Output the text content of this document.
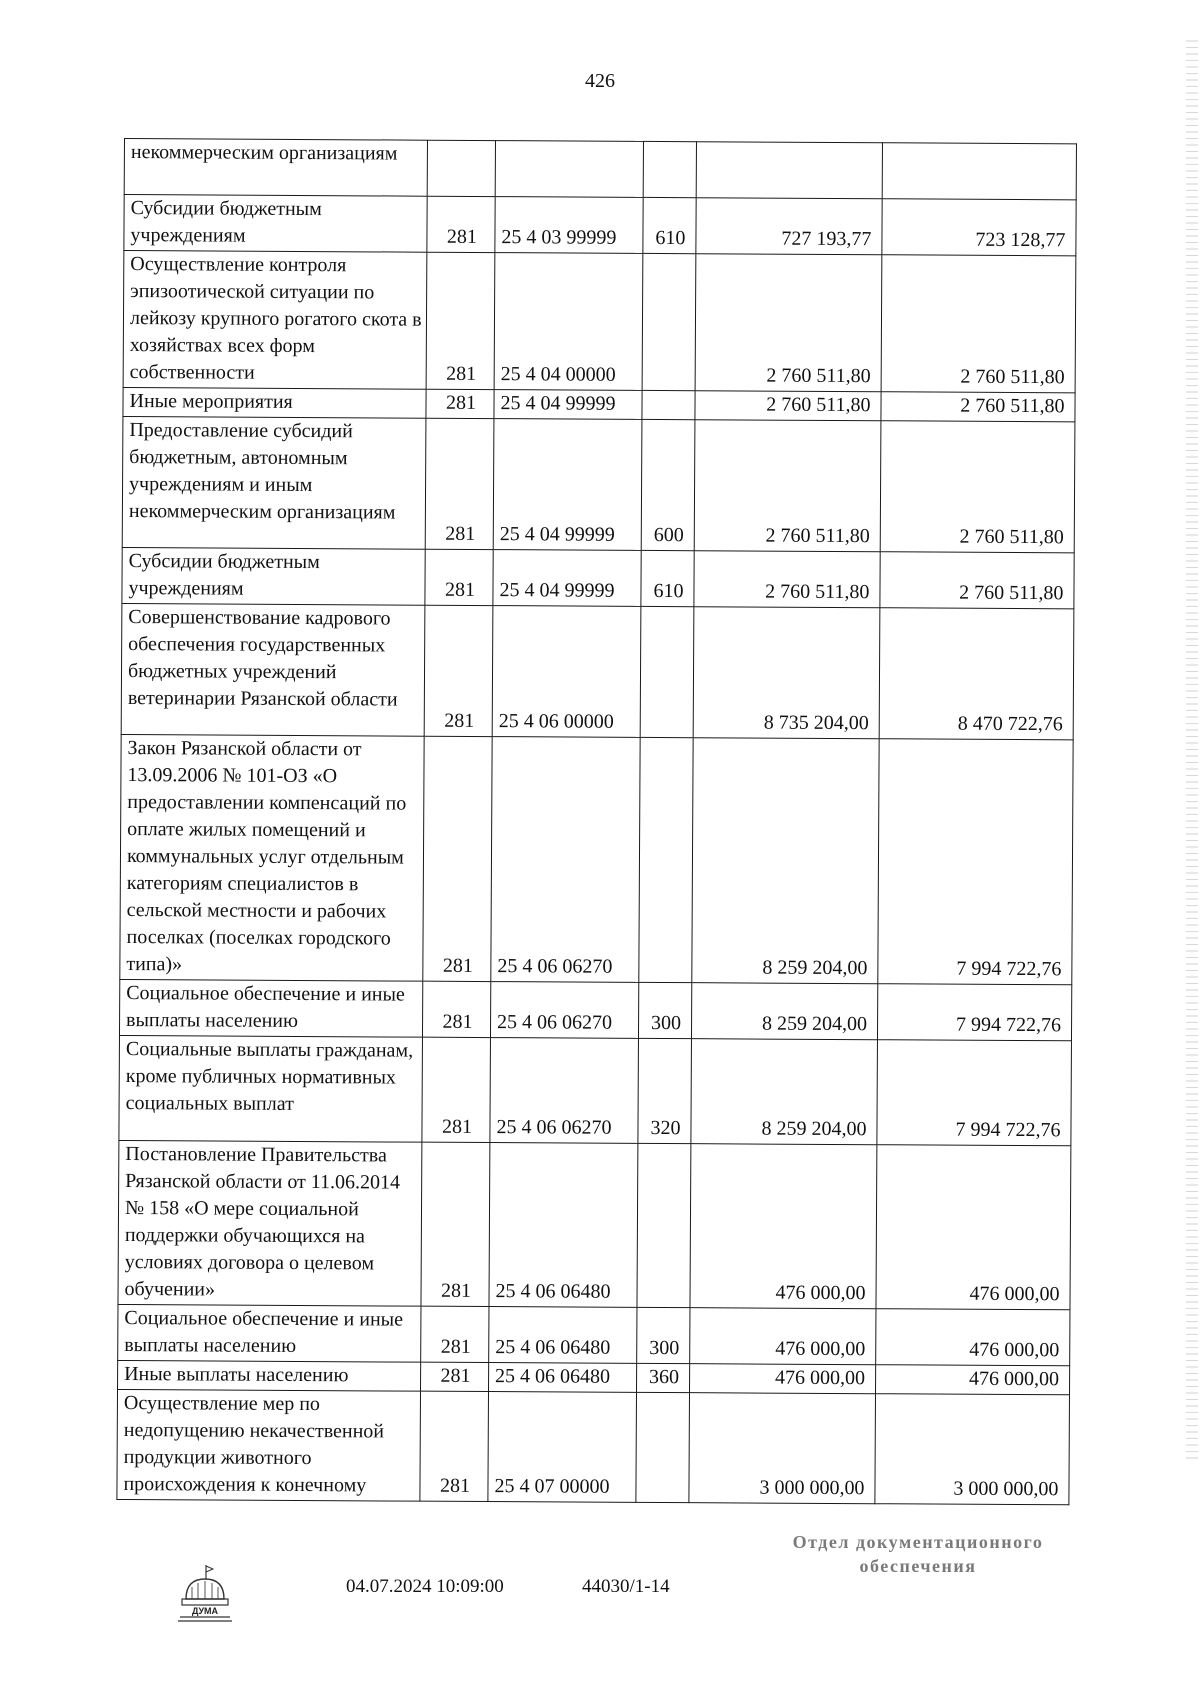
426
некоммерческим организациям					

Субсидии бюджетным учреждениям	281	25 4 03 99999	610	727 193,77	723 128,77

Осуществление контроля эпизоотической ситуации по лейкозу крупного рогатого скота в хозяйствах всех форм собственности	281	25 4 04 00000		2 760 511,80	2 760 511,80

Иные мероприятия	281	25 4 04 99999		2 760 511,80	2 760 511,80

Предоставление субсидий бюджетным, автономным учреждениям и иным некоммерческим организациям	281	25 4 04 99999	600	2 760 511,80	2 760 511,80

Субсидии бюджетным учреждениям	281	25 4 04 99999	610	2 760 511,80	2 760 511,80

Совершенствование кадрового обеспечения государственных бюджетных учреждений ветеринарии Рязанской области	281	25 4 06 00000		8 735 204,00	8 470 722,76

Закон Рязанской области от 13.09.2006 № 101-ОЗ «О предоставлении компенсаций по оплате жилых помещений и коммунальных услуг отдельным категориям специалистов в сельской местности и рабочих поселках (поселках городского типа)»	281	25 4 06 06270		8 259 204,00	7 994 722,76

Социальное обеспечение и иные выплаты населению	281	25 4 06 06270	300	8 259 204,00	7 994 722,76

Социальные выплаты гражданам, кроме публичных нормативных социальных выплат	281	25 4 06 06270	320	8 259 204,00	7 994 722,76

Постановление Правительства Рязанской области от 11.06.2014 № 158 «О мере социальной поддержки обучающихся на условиях договора о целевом обучении»	281	25 4 06 06480		476 000,00	476 000,00

Социальное обеспечение и иные выплаты населению	281	25 4 06 06480	300	476 000,00	476 000,00

Иные выплаты населению	281	25 4 06 06480	360	476 000,00	476 000,00

Осуществление мер по недопущению некачественной продукции животного происхождения к конечному	281	25 4 07 00000		3 000 000,00	3 000 000,00
ДУМА
04.07.2024 10:09:00	44030/1-14
Отдел документационного
обеспечения
